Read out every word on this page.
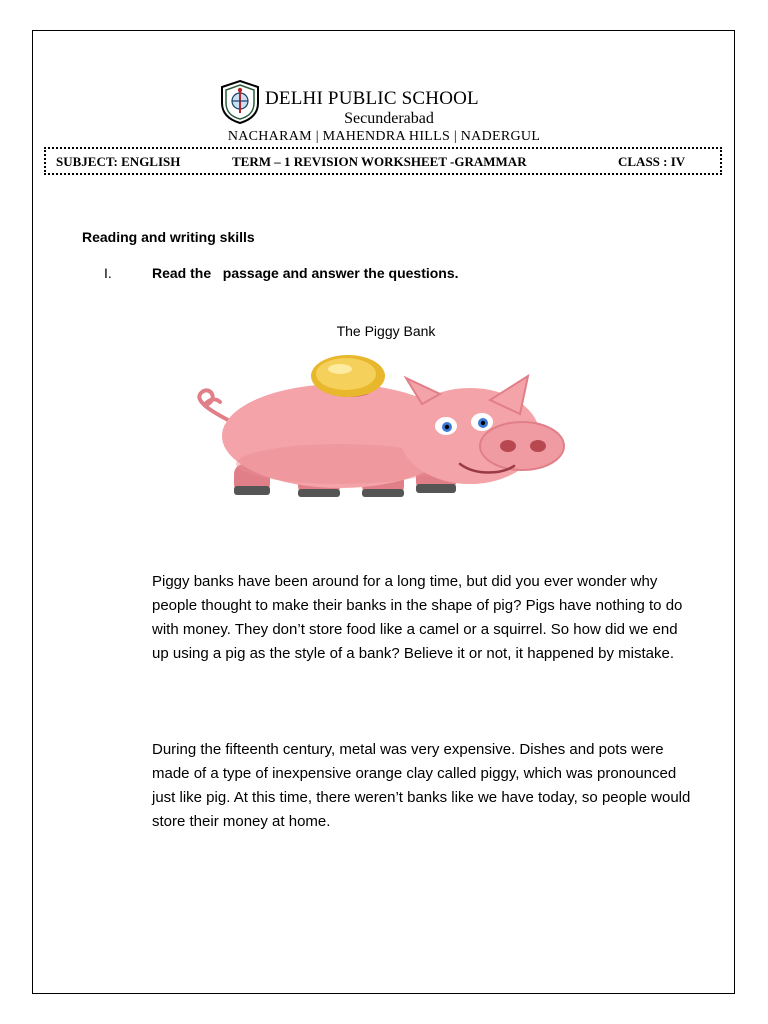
DELHI PUBLIC SCHOOL
Secunderabad
NACHARAM | MAHENDRA HILLS | NADERGUL
SUBJECT: ENGLISH	TERM – 1 REVISION WORKSHEET -GRAMMAR	CLASS : IV
Reading and writing skills
I.	Read the   passage and answer the questions.
The Piggy Bank
Piggy banks have been around for a long time, but did you ever wonder why people thought to make their banks in the shape of pig? Pigs have nothing to do with money. They don’t store food like a camel or a squirrel. So how did we end up using a pig as the style of a bank? Believe it or not, it happened by mistake.
During the fifteenth century, metal was very expensive. Dishes and pots were made of a type of inexpensive orange clay called piggy, which was pronounced just like pig. At this time, there weren’t banks like we have today, so people would store their money at home.
